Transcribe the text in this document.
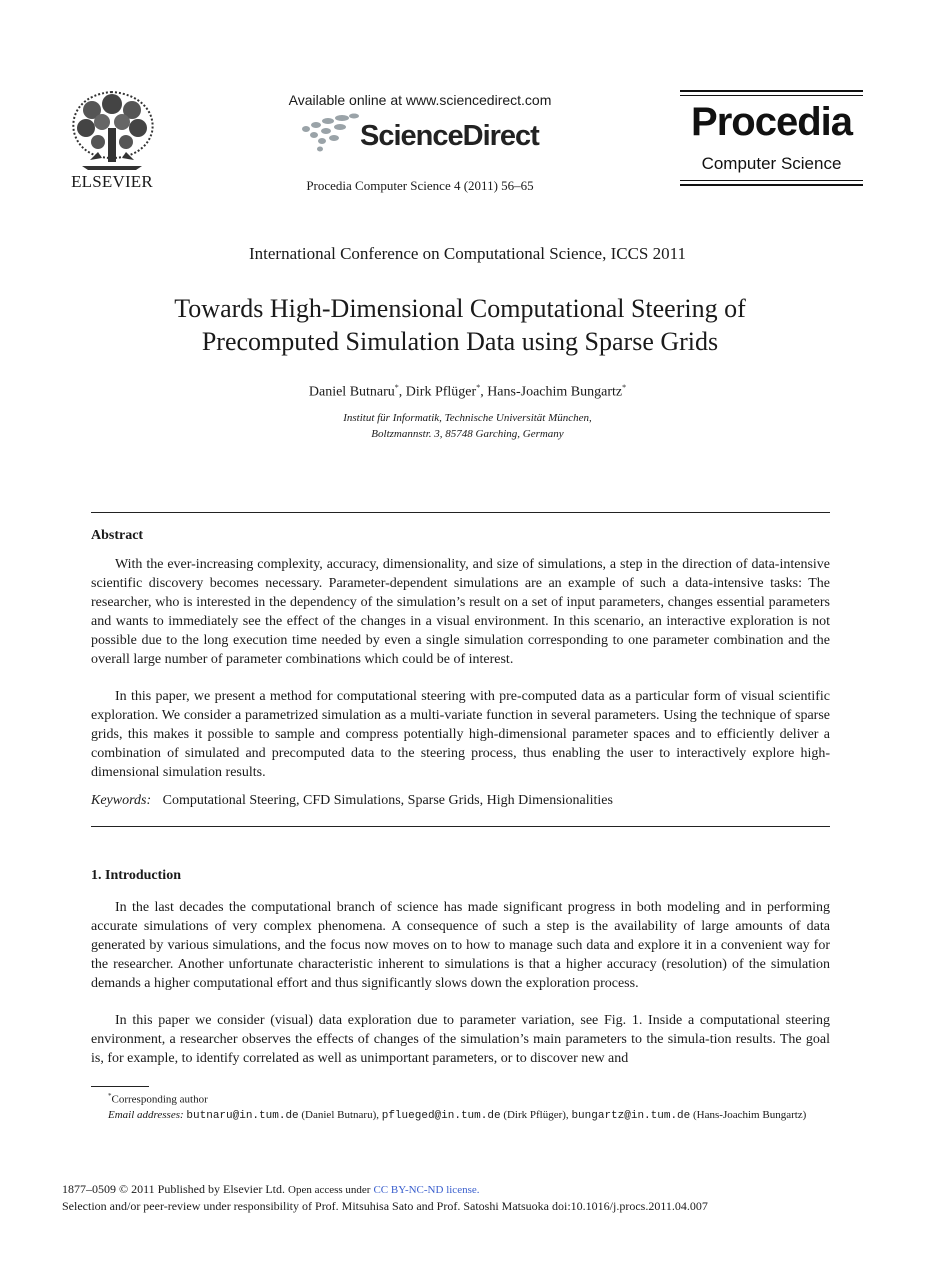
ELSEVIER
Available online at www.sciencedirect.com
ScienceDirect
Procedia Computer Science 4 (2011) 56–65
Procedia
Computer Science
International Conference on Computational Science, ICCS 2011
Towards High-Dimensional Computational Steering of
Precomputed Simulation Data using Sparse Grids
Daniel Butnaru*, Dirk Pflüger*, Hans-Joachim Bungartz*
Institut für Informatik, Technische Universität München,
Boltzmannstr. 3, 85748 Garching, Germany
Abstract

With the ever-increasing complexity, accuracy, dimensionality, and size of simulations, a step in the direction of data-intensive scientific discovery becomes necessary. Parameter-dependent simulations are an example of such a data-intensive tasks: The researcher, who is interested in the dependency of the simulation’s result on a set of input parameters, changes essential parameters and wants to immediately see the effect of the changes in a visual environment. In this scenario, an interactive exploration is not possible due to the long execution time needed by even a single simulation corresponding to one parameter combination and the overall large number of parameter combinations which could be of interest.

In this paper, we present a method for computational steering with pre-computed data as a particular form of visual scientific exploration. We consider a parametrized simulation as a multi-variate function in several parameters. Using the technique of sparse grids, this makes it possible to sample and compress potentially high-dimensional parameter spaces and to efficiently deliver a combination of simulated and precomputed data to the steering process, thus enabling the user to interactively explore high-dimensional simulation results.

Keywords: Computational Steering, CFD Simulations, Sparse Grids, High Dimensionalities
1. Introduction

In the last decades the computational branch of science has made significant progress in both modeling and in performing accurate simulations of very complex phenomena. A consequence of such a step is the availability of large amounts of data generated by various simulations, and the focus now moves on to how to manage such data and explore it in a convenient way for the researcher. Another unfortunate characteristic inherent to simulations is that a higher accuracy (resolution) of the simulation demands a higher computational effort and thus significantly slows down the exploration process.

In this paper we consider (visual) data exploration due to parameter variation, see Fig. 1. Inside a computational steering environment, a researcher observes the effects of changes of the simulation’s main parameters to the simula-tion results. The goal is, for example, to identify correlated as well as unimportant parameters, or to discover new and

*Corresponding author
Email addresses: butnaru@in.tum.de (Daniel Butnaru), pflueged@in.tum.de (Dirk Pflüger), bungartz@in.tum.de (Hans-Joachim Bungartz)
1877–0509 © 2011 Published by Elsevier Ltd. Open access under CC BY-NC-ND license.
Selection and/or peer-review under responsibility of Prof. Mitsuhisa Sato and Prof. Satoshi Matsuoka doi:10.1016/j.procs.2011.04.007
